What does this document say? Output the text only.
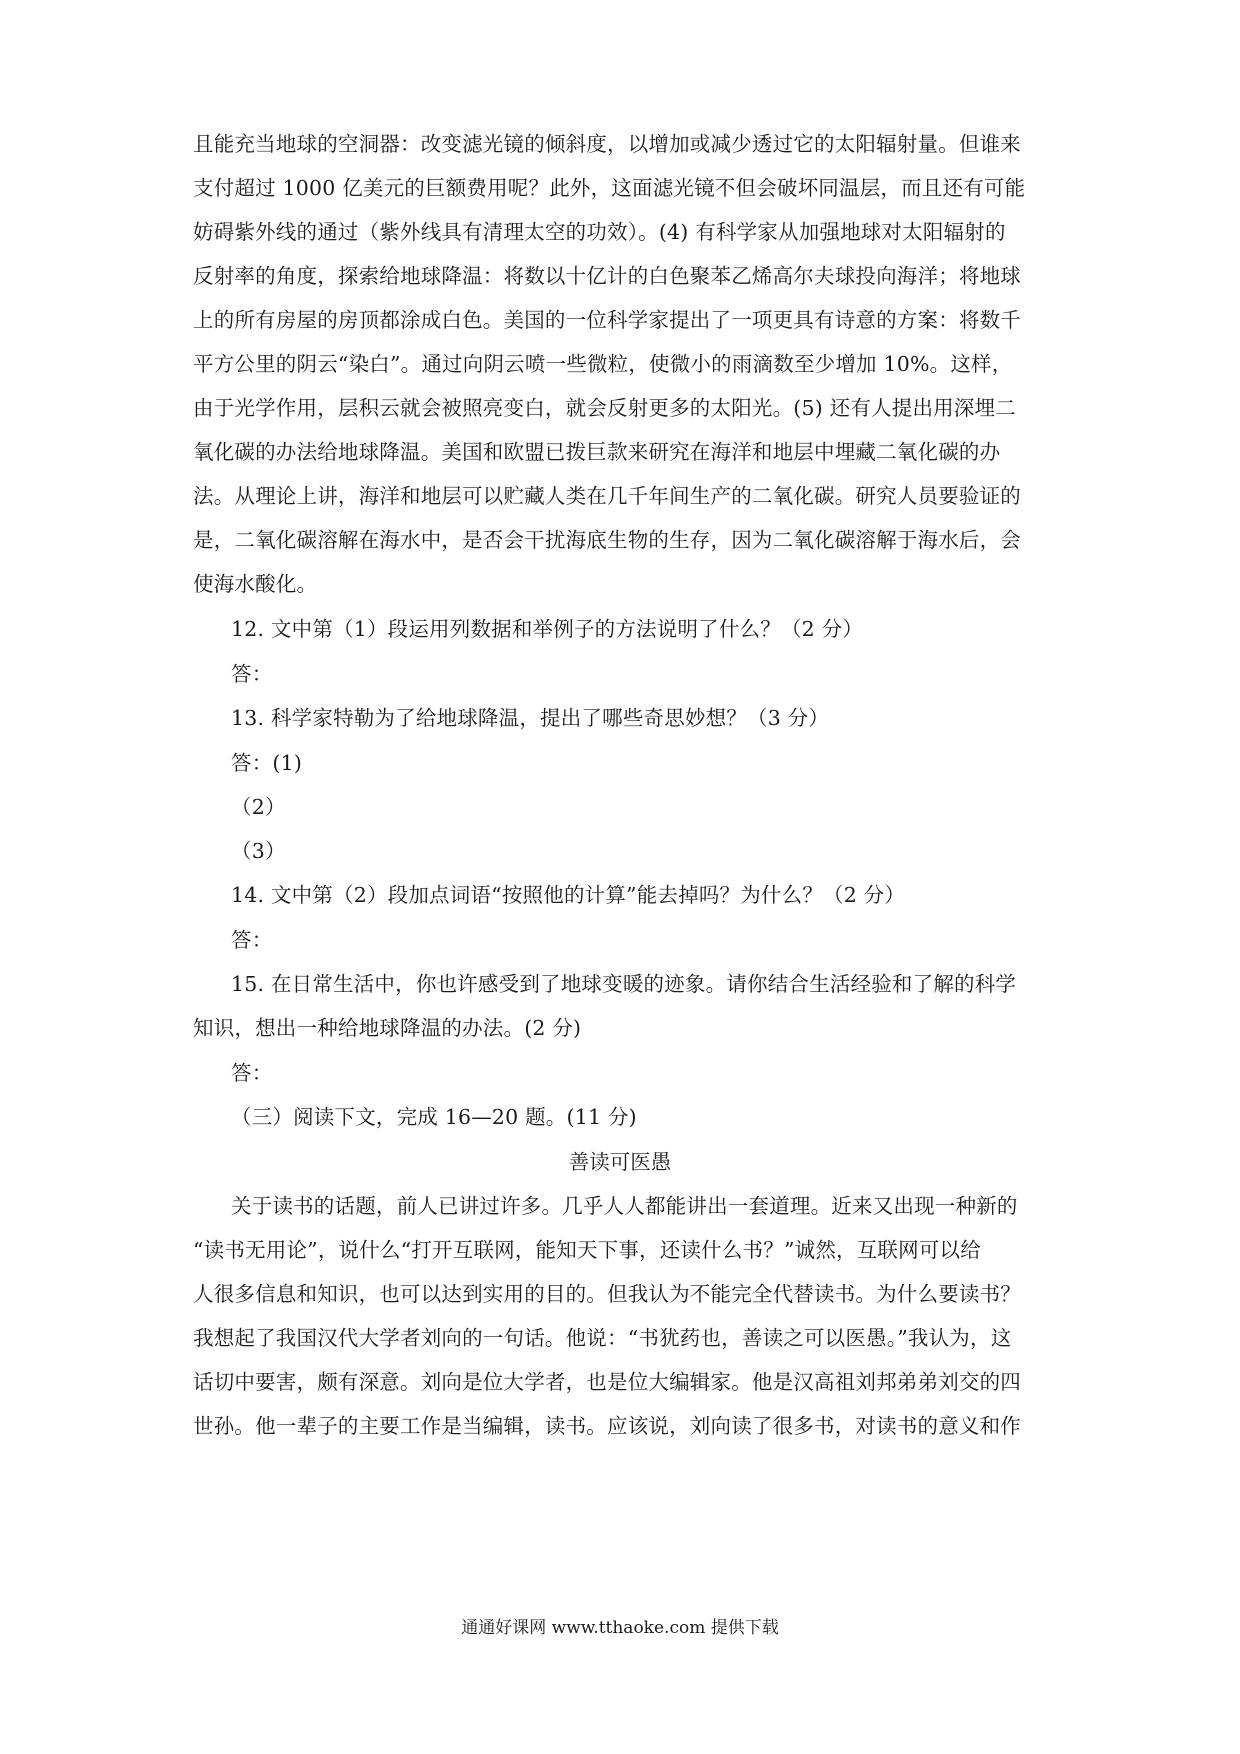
且能充当地球的空洞器：改变滤光镜的倾斜度，以增加或减少透过它的太阳辐射量。但谁来
支付超过 1000 亿美元的巨额费用呢？此外，这面滤光镜不但会破坏同温层，而且还有可能
妨碍紫外线的通过（紫外线具有清理太空的功效）。(4) 有科学家从加强地球对太阳辐射的
反射率的角度，探索给地球降温：将数以十亿计的白色聚苯乙烯高尔夫球投向海洋；将地球
上的所有房屋的房顶都涂成白色。美国的一位科学家提出了一项更具有诗意的方案：将数千
平方公里的阴云“染白”。通过向阴云喷一些微粒，使微小的雨滴数至少增加 10%。这样，
由于光学作用，层积云就会被照亮变白，就会反射更多的太阳光。(5) 还有人提出用深埋二
氧化碳的办法给地球降温。美国和欧盟已拨巨款来研究在海洋和地层中埋藏二氧化碳的办
法。从理论上讲，海洋和地层可以贮藏人类在几千年间生产的二氧化碳。研究人员要验证的
是，二氧化碳溶解在海水中，是否会干扰海底生物的生存，因为二氧化碳溶解于海水后，会
使海水酸化。
12. 文中第（1）段运用列数据和举例子的方法说明了什么？（2 分）
答：
13. 科学家特勒为了给地球降温，提出了哪些奇思妙想？（3 分）
答：(1)
（2）
（3）
14. 文中第（2）段加点词语“按照他的计算”能去掉吗？为什么？（2 分）
答：
15. 在日常生活中，你也许感受到了地球变暖的迹象。请你结合生活经验和了解的科学
知识，想出一种给地球降温的办法。(2 分)
答：
（三）阅读下文，完成 16—20 题。(11 分)
善读可医愚
关于读书的话题，前人已讲过许多。几乎人人都能讲出一套道理。近来又出现一种新的
“读书无用论”，说什么“打开互联网，能知天下事，还读什么书？”诚然，互联网可以给
人很多信息和知识，也可以达到实用的目的。但我认为不能完全代替读书。为什么要读书？
我想起了我国汉代大学者刘向的一句话。他说：“书犹药也，善读之可以医愚。”我认为，这
话切中要害，颇有深意。刘向是位大学者，也是位大编辑家。他是汉高祖刘邦弟弟刘交的四
世孙。他一辈子的主要工作是当编辑，读书。应该说，刘向读了很多书，对读书的意义和作
通通好课网 www.tthaoke.com 提供下载
